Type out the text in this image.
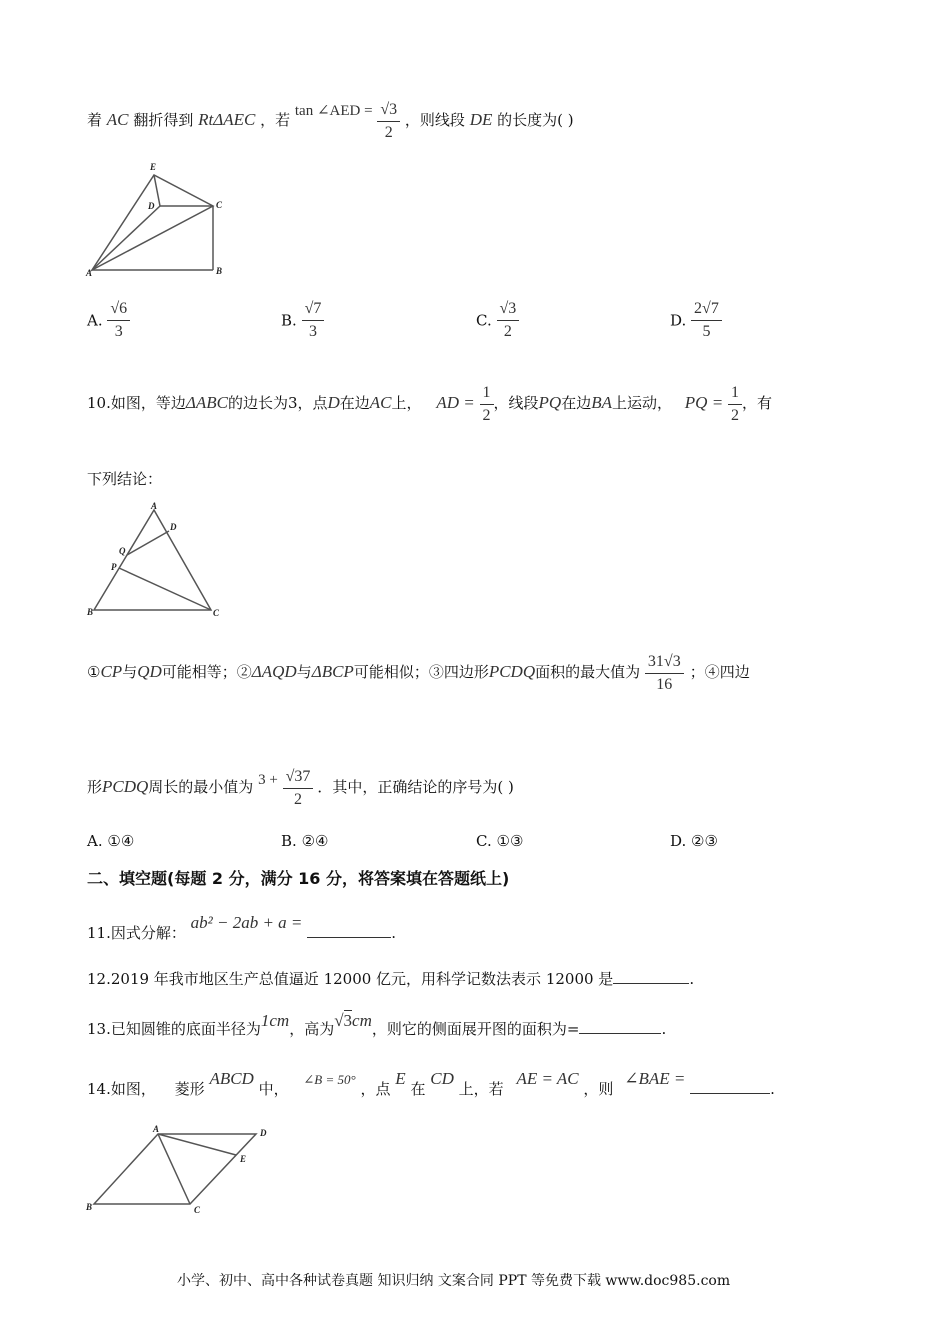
着 AC 翻折得到 RtΔAEC ，若 tan ∠AED = $\frac{√3}{2}$ ，则线段 DE 的长度为( )
E
D	C
A	B
A. $\frac{√6}{3}$	B. $\frac{√7}{3}$	C. $\frac{√3}{2}$	D. $\frac{2√7}{5}$
10.如图，等边ΔABC的边长为3，点D在边AC上， AD = $\frac{1}{2}$ ，线段PQ在边BA上运动， PQ = $\frac{1}{2}$ ，有
下列结论：
A
D
Q
P
B	C
①CP与QD可能相等；②ΔAQD与ΔBCP可能相似；③四边形PCDQ面积的最大值为 $\frac{31√3}{16}$ ；④四边
形PCDQ周长的最小值为 $3 + \frac{√37}{2}$ ．其中，正确结论的序号为( )
A. ①④	B. ②④	C. ①③	D. ②③
二、填空题(每题 2 分，满分 16 分，将答案填在答题纸上)
11.因式分解： ab² − 2ab + a = .
12.2019 年我市地区生产总值逼近 12000 亿元，用科学记数法表示 12000 是	.
13.已知圆锥的底面半径为1cm，高为√3cm，则它的侧面展开图的面积为=	.
14.如图， 菱形 ABCD 中， ∠B = 50° ，点 E 在 CD 上，若 AE = AC ，则 ∠BAE = .
A	D
E
B	C
小学、初中、高中各种试卷真题 知识归纳 文案合同 PPT 等免费下载 www.doc985.com
